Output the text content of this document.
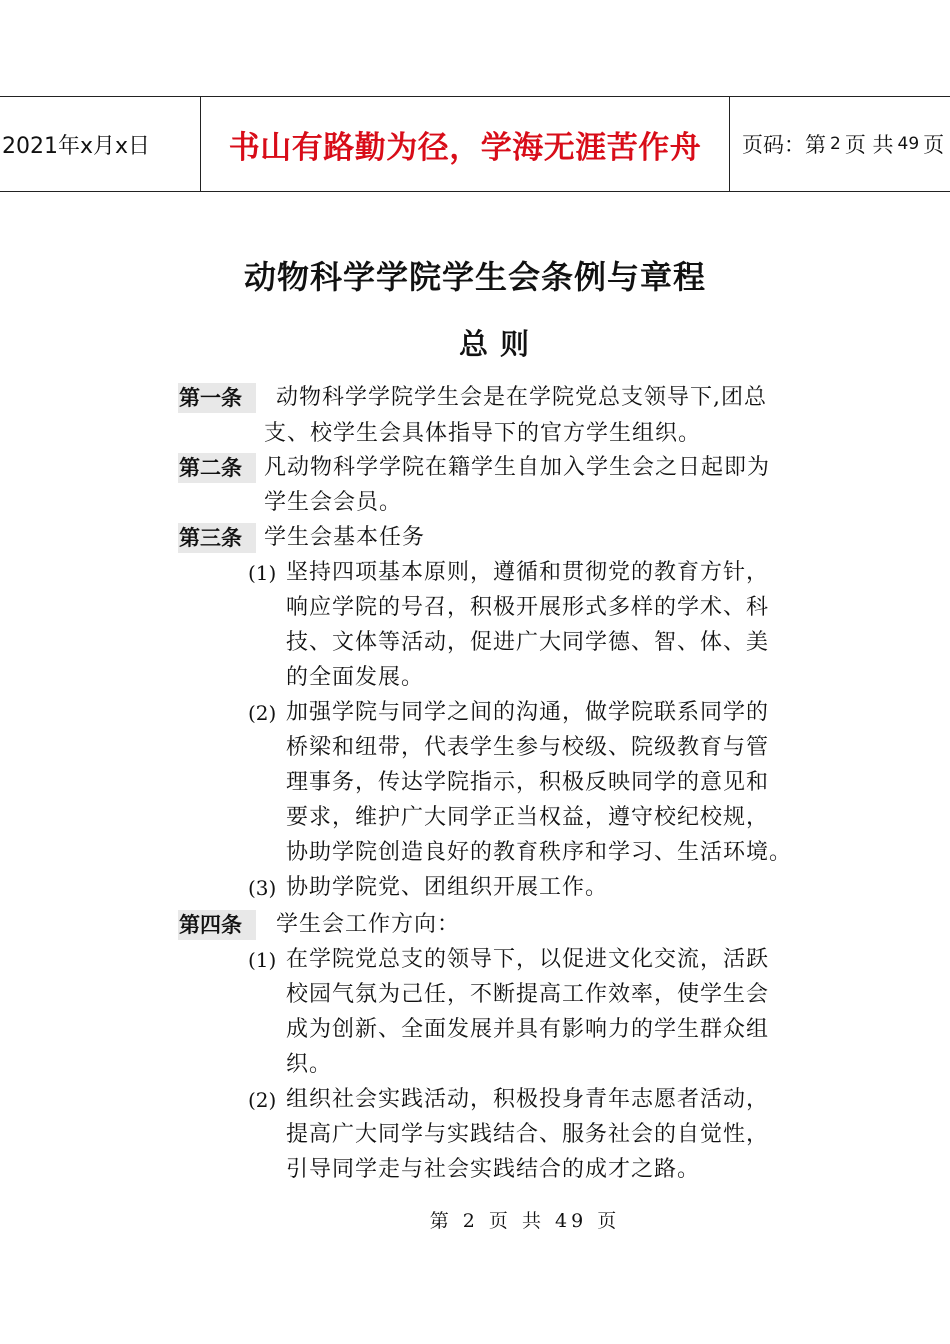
2021年x月x日	书山有路勤为径，学海无涯苦作舟	页码：第 2 页 共 49 页
动物科学学院学生会条例与章程
总则
第一条	动物科学学院学生会是在学院党总支领导下,团总
支、校学生会具体指导下的官方学生组织。
第二条	凡动物科学学院在籍学生自加入学生会之日起即为
学生会会员。
第三条	学生会基本任务
(1) 坚持四项基本原则，遵循和贯彻党的教育方针，
响应学院的号召，积极开展形式多样的学术、科
技、文体等活动，促进广大同学德、智、体、美
的全面发展。
(2) 加强学院与同学之间的沟通，做学院联系同学的
桥梁和纽带，代表学生参与校级、院级教育与管
理事务，传达学院指示，积极反映同学的意见和
要求，维护广大同学正当权益，遵守校纪校规，
协助学院创造良好的教育秩序和学习、生活环境。
(3) 协助学院党、团组织开展工作。
第四条	学生会工作方向：
(1) 在学院党总支的领导下，以促进文化交流，活跃
校园气氛为己任，不断提高工作效率，使学生会
成为创新、全面发展并具有影响力的学生群众组
织。
(2) 组织社会实践活动，积极投身青年志愿者活动，
提高广大同学与实践结合、服务社会的自觉性，
引导同学走与社会实践结合的成才之路。
第 2 页 共 49 页
